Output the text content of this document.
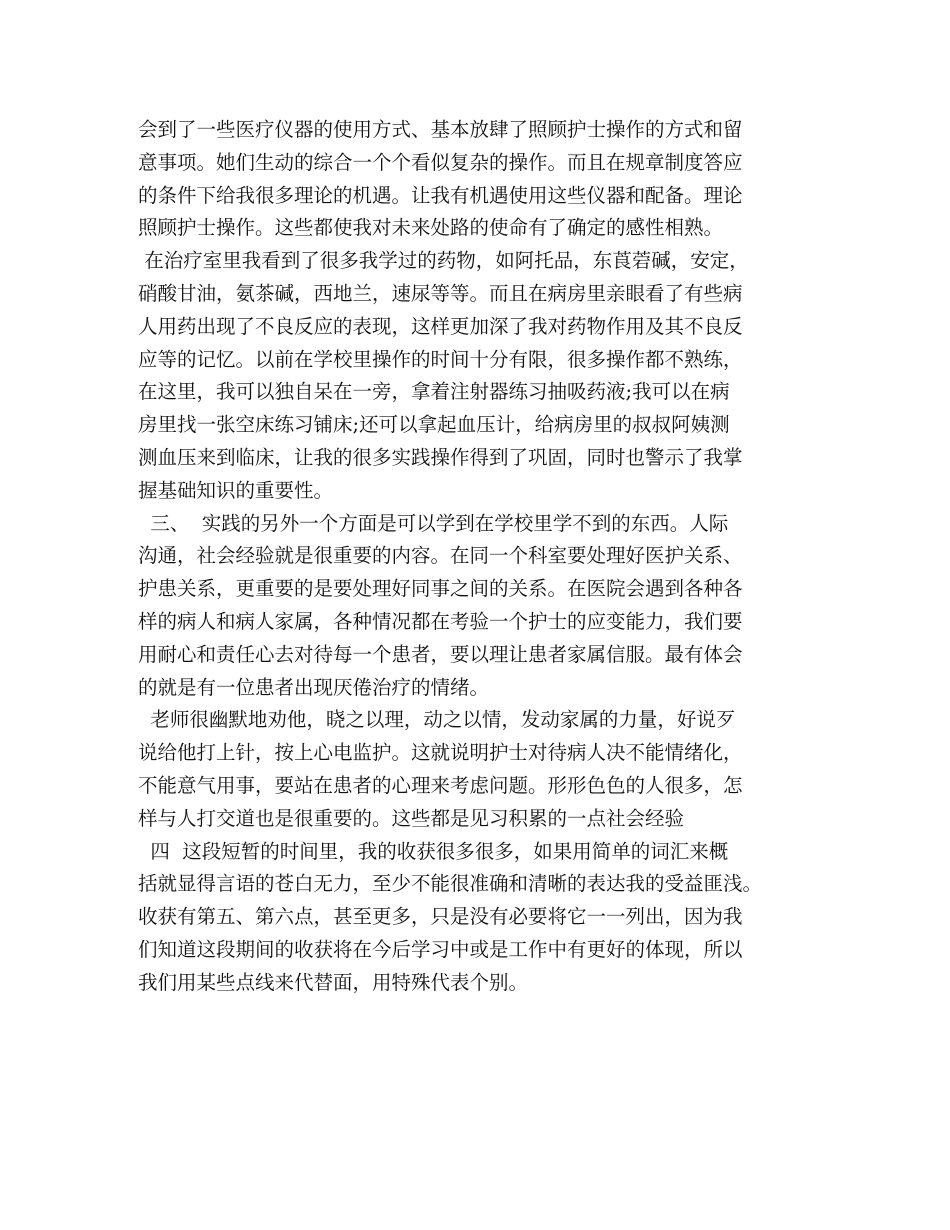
会到了一些医疗仪器的使用方式、基本放肆了照顾护士操作的方式和留
意事项。她们生动的综合一个个看似复杂的操作。而且在规章制度答应
的条件下给我很多理论的机遇。让我有机遇使用这些仪器和配备。理论
照顾护士操作。这些都使我对未来处路的使命有了确定的感性相熟。
在治疗室里我看到了很多我学过的药物，如阿托品，东莨菪碱，安定，
硝酸甘油，氨茶碱，西地兰，速尿等等。而且在病房里亲眼看了有些病
人用药出现了不良反应的表现，这样更加深了我对药物作用及其不良反
应等的记忆。以前在学校里操作的时间十分有限，很多操作都不熟练，
在这里，我可以独自呆在一旁，拿着注射器练习抽吸药液;我可以在病
房里找一张空床练习铺床;还可以拿起血压计，给病房里的叔叔阿姨测
测血压来到临床，让我的很多实践操作得到了巩固，同时也警示了我掌
握基础知识的重要性。
三、  实践的另外一个方面是可以学到在学校里学不到的东西。人际
沟通，社会经验就是很重要的内容。在同一个科室要处理好医护关系、
护患关系，更重要的是要处理好同事之间的关系。在医院会遇到各种各
样的病人和病人家属，各种情况都在考验一个护士的应变能力，我们要
用耐心和责任心去对待每一个患者，要以理让患者家属信服。最有体会
的就是有一位患者出现厌倦治疗的情绪。
老师很幽默地劝他，晓之以理，动之以情，发动家属的力量，好说歹
说给他打上针，按上心电监护。这就说明护士对待病人决不能情绪化，
不能意气用事，要站在患者的心理来考虑问题。形形色色的人很多，怎
样与人打交道也是很重要的。这些都是见习积累的一点社会经验
四  这段短暂的时间里，我的收获很多很多，如果用简单的词汇来概
括就显得言语的苍白无力，至少不能很准确和清晰的表达我的受益匪浅。
收获有第五、第六点，甚至更多，只是没有必要将它一一列出，因为我
们知道这段期间的收获将在今后学习中或是工作中有更好的体现，所以
我们用某些点线来代替面，用特殊代表个别。
